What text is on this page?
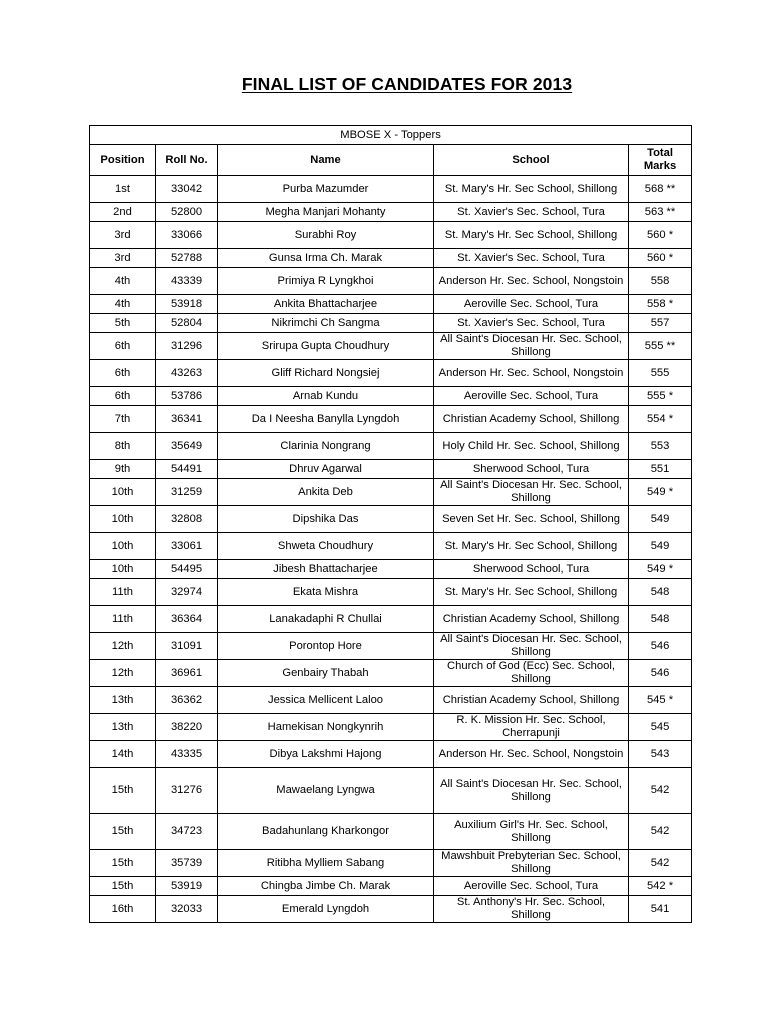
FINAL LIST OF CANDIDATES FOR 2013
MBOSE X - Toppers				
Position	Roll No.	Name	School	Total Marks
1st	33042	Purba Mazumder	St. Mary's Hr. Sec School, Shillong	568 **
2nd	52800	Megha Manjari Mohanty	St. Xavier's Sec. School, Tura	563 **
3rd	33066	Surabhi Roy	St. Mary's Hr. Sec School, Shillong	560 *
3rd	52788	Gunsa Irma Ch. Marak	St. Xavier's Sec. School, Tura	560 *
4th	43339	Primiya R Lyngkhoi	Anderson Hr. Sec. School, Nongstoin	558
4th	53918	Ankita Bhattacharjee	Aeroville Sec. School, Tura	558 *
5th	52804	Nikrimchi Ch Sangma	St. Xavier's Sec. School, Tura	557
6th	31296	Srirupa Gupta Choudhury	All Saint's Diocesan Hr. Sec. School, Shillong	555 **
6th	43263	Gliff Richard Nongsiej	Anderson Hr. Sec. School, Nongstoin	555
6th	53786	Arnab Kundu	Aeroville Sec. School, Tura	555 *
7th	36341	Da I Neesha Banylla Lyngdoh	Christian Academy School, Shillong	554 *
8th	35649	Clarinia Nongrang	Holy Child Hr. Sec. School, Shillong	553
9th	54491	Dhruv Agarwal	Sherwood School, Tura	551
10th	31259	Ankita Deb	All Saint's Diocesan Hr. Sec. School, Shillong	549 *
10th	32808	Dipshika Das	Seven Set Hr. Sec. School, Shillong	549
10th	33061	Shweta Choudhury	St. Mary's Hr. Sec School, Shillong	549
10th	54495	Jibesh Bhattacharjee	Sherwood School, Tura	549 *
11th	32974	Ekata Mishra	St. Mary's Hr. Sec School, Shillong	548
11th	36364	Lanakadaphi R Chullai	Christian Academy School, Shillong	548
12th	31091	Porontop Hore	All Saint's Diocesan Hr. Sec. School, Shillong	546
12th	36961	Genbairy Thabah	Church of God (Ecc) Sec. School, Shillong	546
13th	36362	Jessica Mellicent Laloo	Christian Academy School, Shillong	545 *
13th	38220	Hamekisan Nongkynrih	R. K. Mission Hr. Sec. School, Cherrapunji	545
14th	43335	Dibya Lakshmi Hajong	Anderson Hr. Sec. School, Nongstoin	543
15th	31276	Mawaelang Lyngwa	All Saint's Diocesan Hr. Sec. School, Shillong	542
15th	34723	Badahunlang Kharkongor	Auxilium Girl's Hr. Sec. School, Shillong	542
15th	35739	Ritibha Mylliem Sabang	Mawshbuit Prebyterian Sec. School, Shillong	542
15th	53919	Chingba Jimbe Ch. Marak	Aeroville Sec. School, Tura	542 *
16th	32033	Emerald Lyngdoh	St. Anthony's Hr. Sec. School, Shillong	541
